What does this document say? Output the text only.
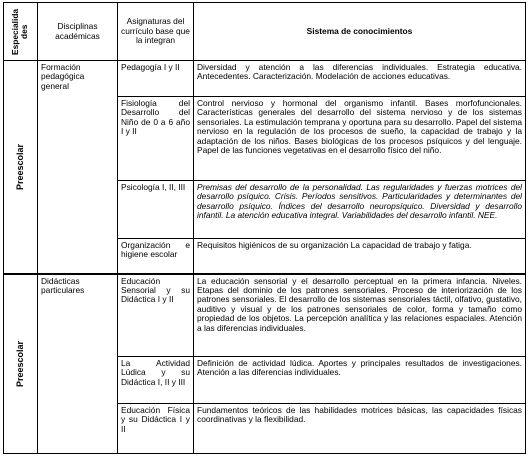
Especialidades	Disciplinas académicas	Asignaturas del currículo base que la integran	Sistema de conocimientos

Preescolar	Formación pedagógica general	Pedagogía I y II	Diversidad y atención a las diferencias individuales. Estrategia educativa. Antecedentes. Caracterización. Modelación de acciones educativas.
		Fisiología del Desarrollo del Niño de 0 a 6 año I y II	Control nervioso y hormonal del organismo infantil. Bases morfofuncionales. Características generales del desarrollo del sistema nervioso y de los sistemas sensoriales. La estimulación temprana y oportuna para su desarrollo. Papel del sistema nervioso en la regulación de los procesos de sueño, la capacidad de trabajo y la adaptación de los niños. Bases biológicas de los procesos psíquicos y del lenguaje. Papel de las funciones vegetativas en el desarrollo físico del niño.
		Psicología I, II, III	Premisas del desarrollo de la personalidad. Las regularidades y fuerzas motrices del desarrollo psíquico. Crisis. Períodos sensitivos. Particularidades y determinantes del desarrollo psíquico. Índices del desarrollo neuropsíquico. Diversidad y desarrollo infantil. La atención educativa integral. Variabilidades del desarrollo infantil. NEE.
		Organización e higiene escolar	Requisitos higiénicos de su organización La capacidad de trabajo y fatiga.

Preescolar	Didácticas particulares	Educación Sensorial y su Didáctica I y II	La educación sensorial y el desarrollo perceptual en la primera infancia. Niveles. Etapas del dominio de los patrones sensoriales. Proceso de interiorización de los patrones sensoriales. El desarrollo de los sistemas sensoriales táctil, olfativo, gustativo, auditivo y visual y de los patrones sensoriales de color, forma y tamaño como propiedad de los objetos. La percepción analítica y las relaciones espaciales. Atención a las diferencias individuales.
		La Actividad Lúdica y su Didáctica I, II y III	Definición de actividad lúdica. Aportes y principales resultados de investigaciones. Atención a las diferencias individuales.
		Educación Física y su Didáctica I y II	Fundamentos teóricos de las habilidades motrices básicas, las capacidades físicas coordinativas y la flexibilidad.
